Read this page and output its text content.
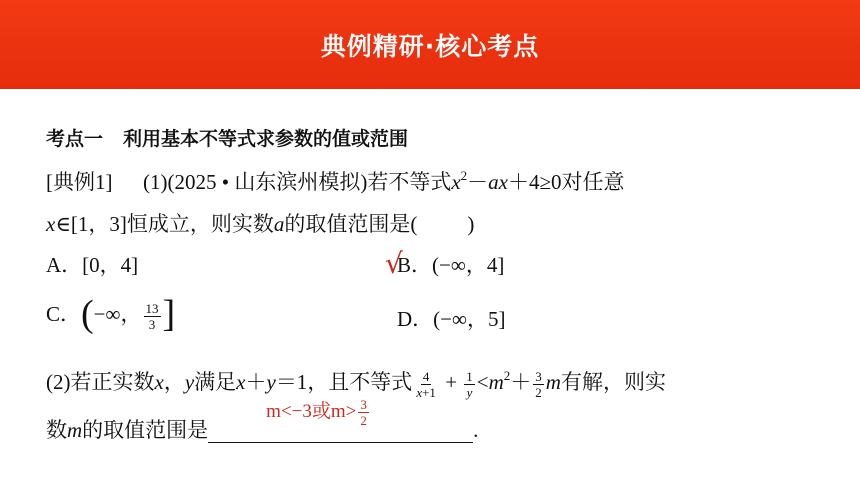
典例精研·核心考点
考点一 利用基本不等式求参数的值或范围
[典例1] (1)(2025 • 山东滨州模拟)若不等式$x^2-ax+4\ge 0$对任意
x∈[1，3]恒成立，则实数a的取值范围是( )
A．[0，4]	B．(−∞，4]
√
C．(−∞， $\frac{13}{3}$ ]	D．(−∞，5]
(2)若正实数x，y满足x＋y＝1，且不等式 $\frac{4}{x+1} + \frac{1}{y} <m^2+ \frac{3}{2}$ m有解，则实
数m的取值范围是
m<−3或$m> \frac{3}{2}$
.
